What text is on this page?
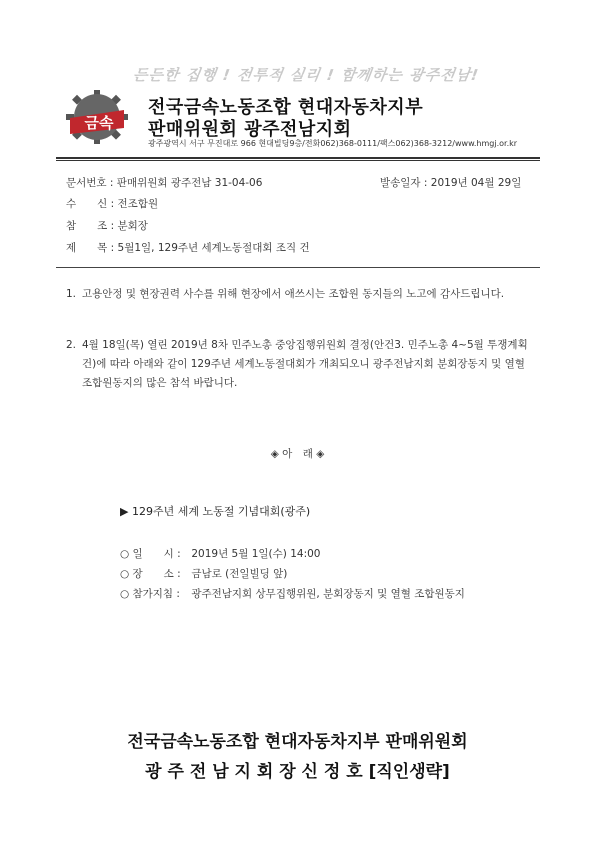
든든한 집행 ! 전투적 실리 ! 함께하는 광주전남!
금속
전국금속노동조합 현대자동차지부
판매위원회 광주전남지회
광주광역시 서구 무진대로 966 현대빌딩9층/전화062)368-0111/팩스062)368-3212/www.hmgj.or.kr
문서번호 : 판매위원회 광주전남 31-04-06	발송일자 : 2019년 04월 29일
수　　신 : 전조합원
참　　조 : 분회장
제　　목 : 5월1일, 129주년 세계노동절대회 조직 건
1. 고용안정 및 현장권력 사수를 위해 현장에서 애쓰시는 조합원 동지들의 노고에 감사드립니다.
2. 4월 18일(목) 열린 2019년 8차 민주노총 중앙집행위원회 결정(안건3. 민주노총 4~5월 투쟁계획 건)에 따라 아래와 같이 129주년 세계노동절대회가 개최되오니 광주전남지회 분회장동지 및 열혈 조합원동지의 많은 참석 바랍니다.
◈ 아　래 ◈
▶ 129주년 세계 노동절 기념대회(광주)
○ 일　　시 : 2019년 5월 1일(수) 14:00
○ 장　　소 : 금남로 (전일빌딩 앞)
○ 참가지침 : 광주전남지회 상무집행위원, 분회장동지 및 열혈 조합원동지
전국금속노동조합 현대자동차지부 판매위원회
광 주 전 남 지 회 장 신 정 호 [직인생략]
